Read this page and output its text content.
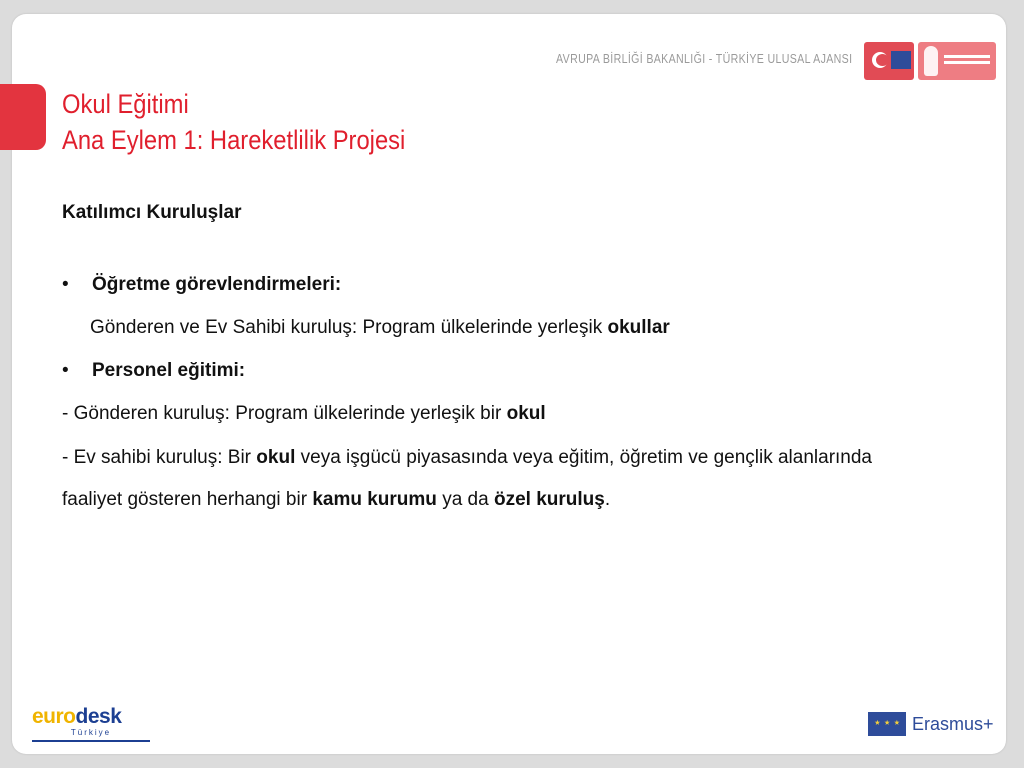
AVRUPA BİRLİĞİ BAKANLIĞI - TÜRKİYE ULUSAL AJANSI
Okul Eğitimi
Ana Eylem 1: Hareketlilik Projesi
Katılımcı Kuruluşlar

• Öğretme görevlendirmeleri:

Gönderen ve Ev Sahibi kuruluş: Program ülkelerinde yerleşik okullar

• Personel eğitimi:

- Gönderen kuruluş: Program ülkelerinde yerleşik bir okul

- Ev sahibi kuruluş: Bir okul veya işgücü piyasasında veya eğitim, öğretim ve gençlik alanlarında faaliyet gösteren herhangi bir kamu kurumu ya da özel kuruluş.

eurodesk
Türkiye
⋆⋆⋆	Erasmus+
